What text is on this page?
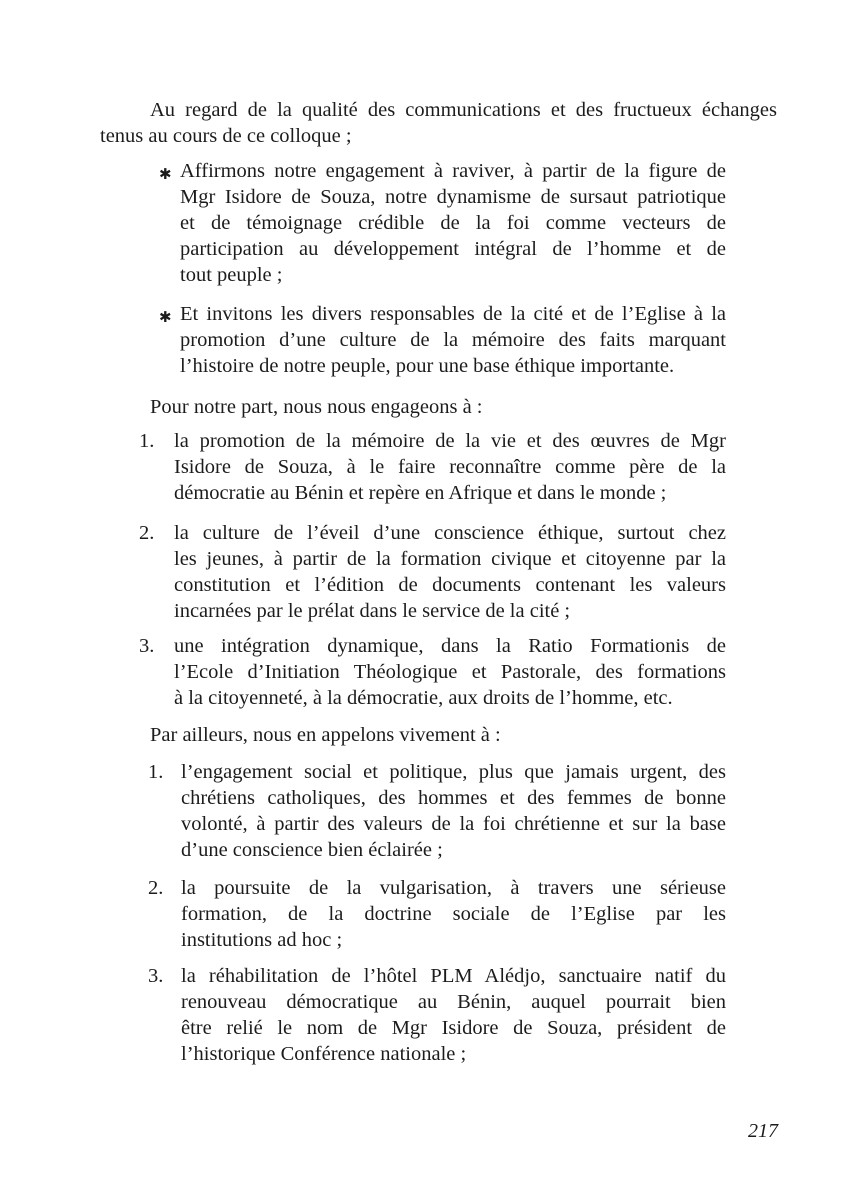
Au regard de la qualité des communications et des fructueux échanges
tenus au cours de ce colloque ;
✱ Affirmons notre engagement à raviver, à partir de la figure de
Mgr Isidore de Souza, notre dynamisme de sursaut patriotique
et de témoignage crédible de la foi comme vecteurs de
participation au développement intégral de l’homme et de
tout peuple ;
✱ Et invitons les divers responsables de la cité et de l’Eglise à la
promotion d’une culture de la mémoire des faits marquant
l’histoire de notre peuple, pour une base éthique importante.
Pour notre part, nous nous engageons à :
1. la promotion de la mémoire de la vie et des œuvres de Mgr
Isidore de Souza, à le faire reconnaître comme père de la
démocratie au Bénin et repère en Afrique et dans le monde ;
2. la culture de l’éveil d’une conscience éthique, surtout chez
les jeunes, à partir de la formation civique et citoyenne par la
constitution et l’édition de documents contenant les valeurs
incarnées par le prélat dans le service de la cité ;
3. une intégration dynamique, dans la Ratio Formationis de
l’Ecole d’Initiation Théologique et Pastorale, des formations
à la citoyenneté, à la démocratie, aux droits de l’homme, etc.
Par ailleurs, nous en appelons vivement à :
1. l’engagement social et politique, plus que jamais urgent, des
chrétiens catholiques, des hommes et des femmes de bonne
volonté, à partir des valeurs de la foi chrétienne et sur la base
d’une conscience bien éclairée ;
2. la poursuite de la vulgarisation, à travers une sérieuse
formation, de la doctrine sociale de l’Eglise par les
institutions ad hoc ;
3. la réhabilitation de l’hôtel PLM Alédjo, sanctuaire natif du
renouveau démocratique au Bénin, auquel pourrait bien
être relié le nom de Mgr Isidore de Souza, président de
l’historique Conférence nationale ;
217
